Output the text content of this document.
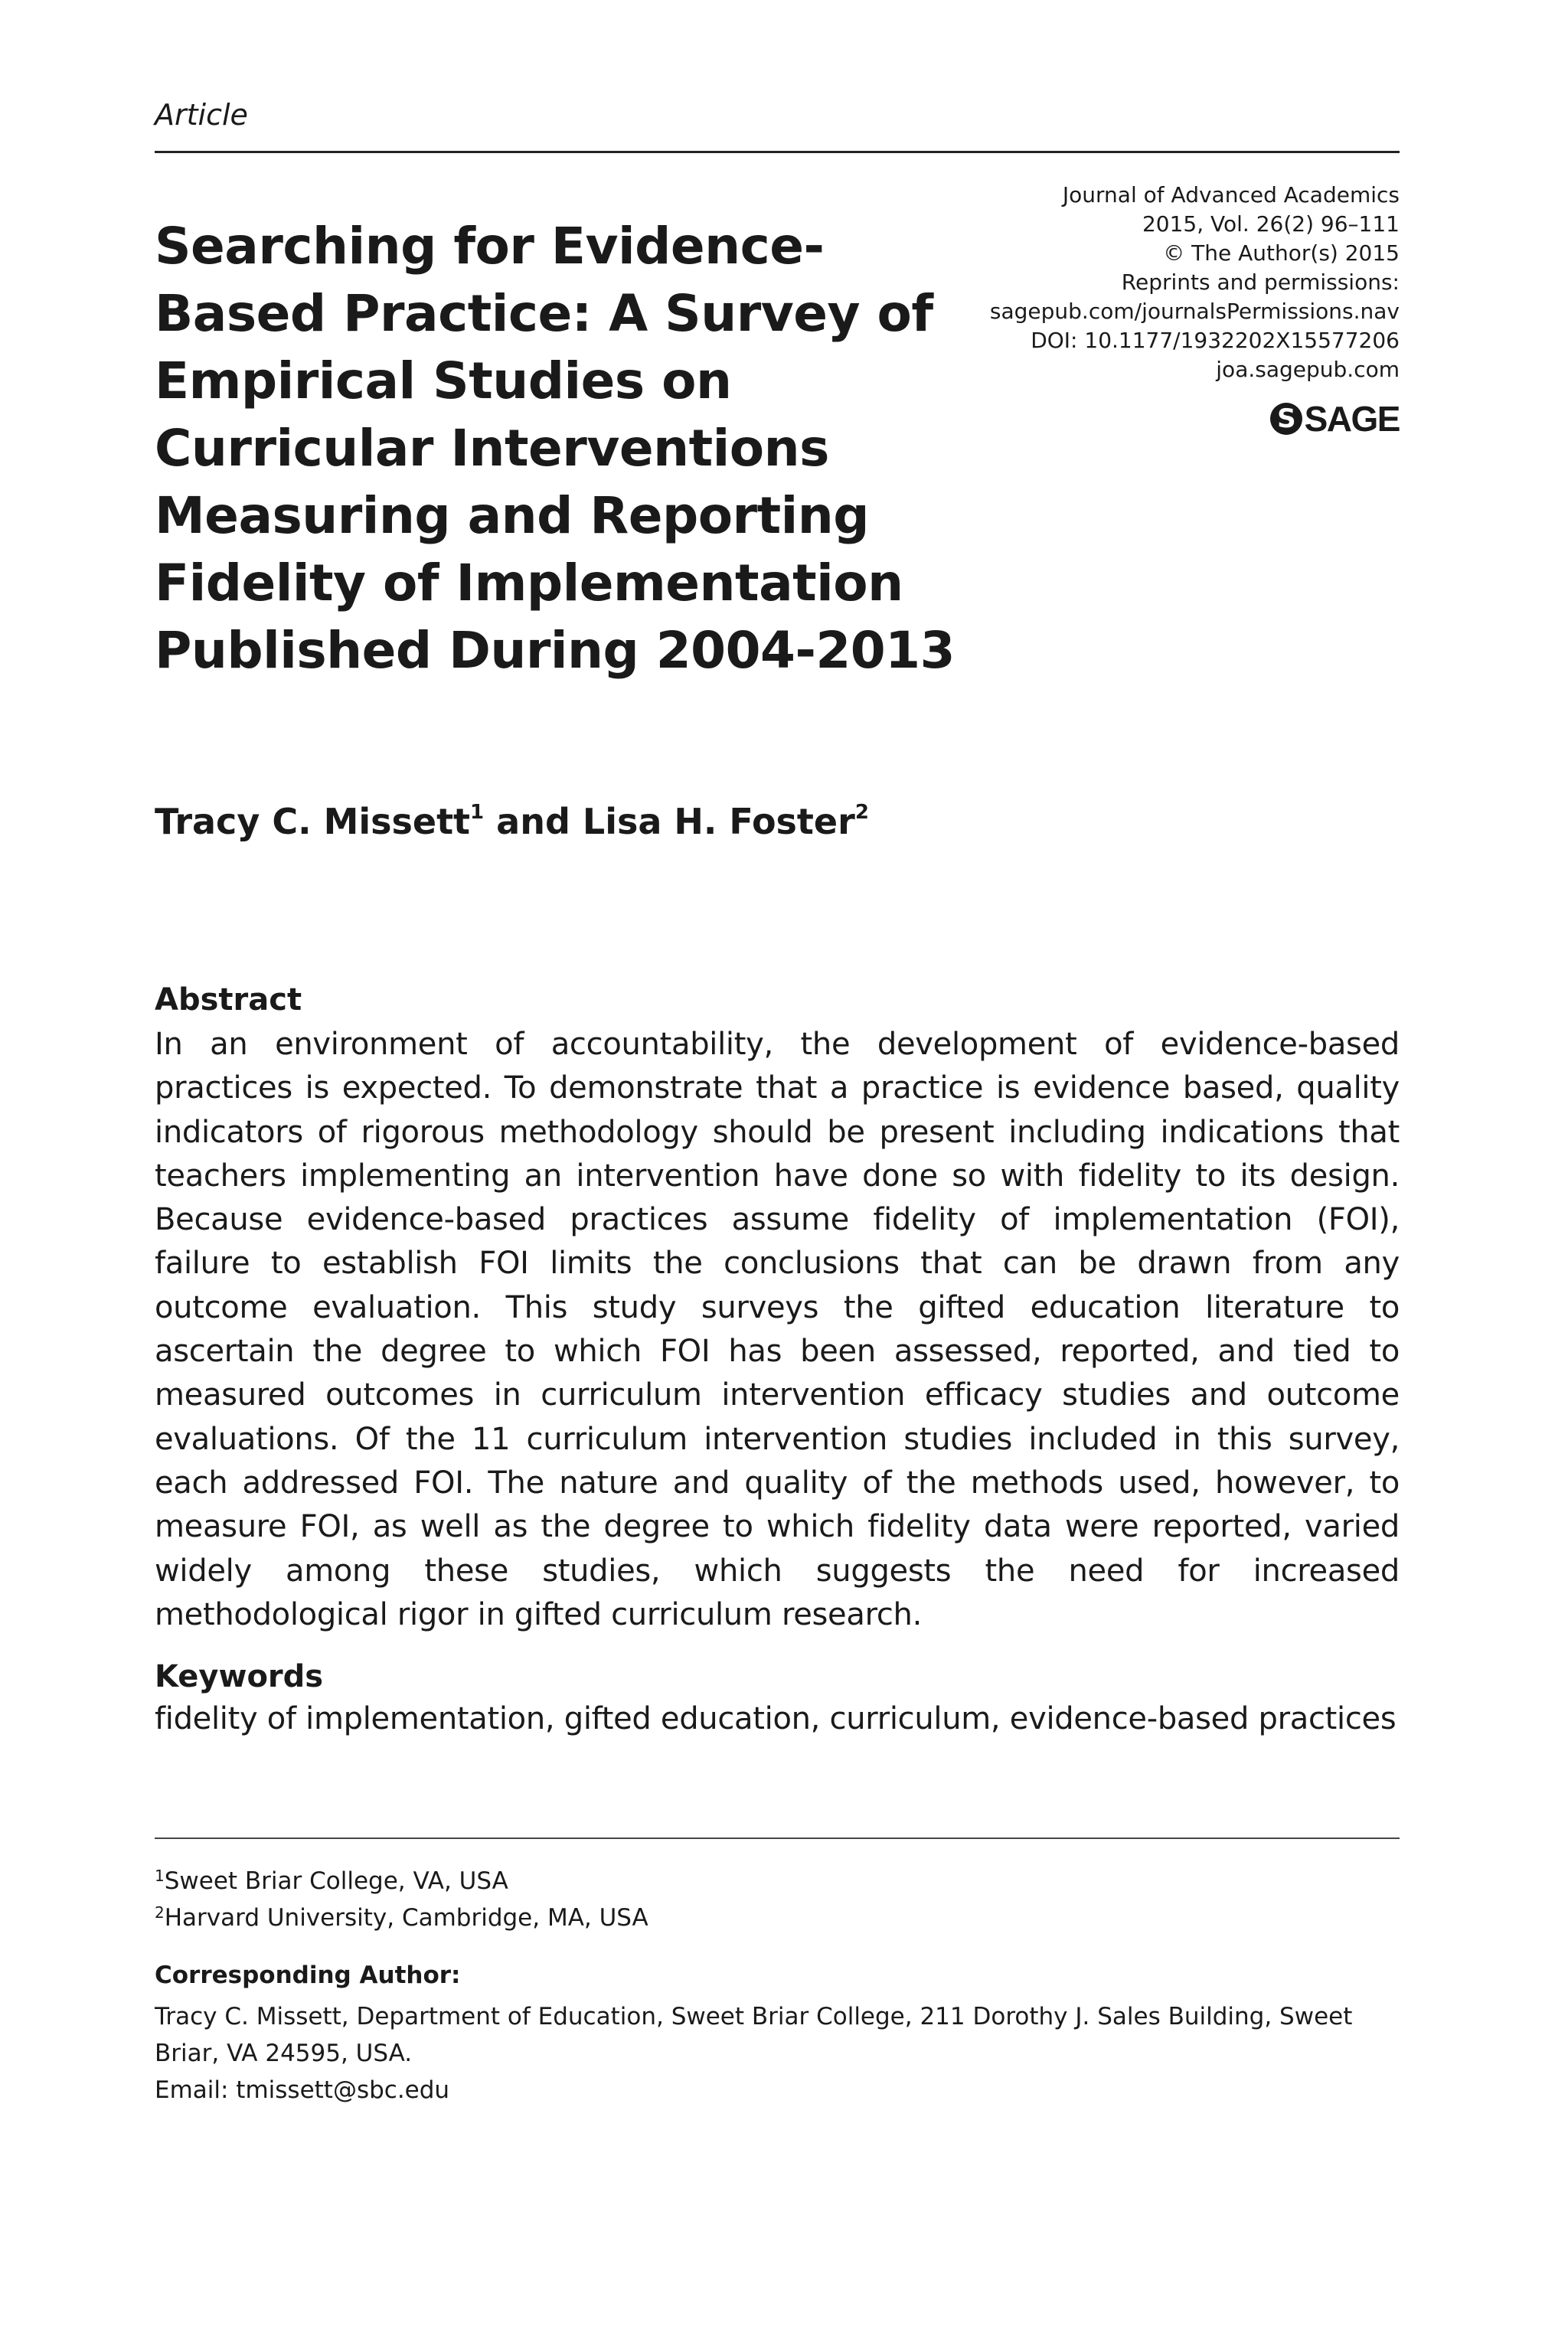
Article
Searching for Evidence-Based Practice: A Survey of Empirical Studies on Curricular Interventions Measuring and Reporting Fidelity of Implementation Published During 2004-2013
Journal of Advanced Academics
2015, Vol. 26(2) 96–111
© The Author(s) 2015
Reprints and permissions:
sagepub.com/journalsPermissions.nav
DOI: 10.1177/1932202X15577206
joa.sagepub.com
S SAGE
Tracy C. Missett$^1$ and Lisa H. Foster$^2$
Abstract

In an environment of accountability, the development of evidence-based practices is expected. To demonstrate that a practice is evidence based, quality indicators of rigorous methodology should be present including indications that teachers implementing an intervention have done so with fidelity to its design. Because evidence-based practices assume fidelity of implementation (FOI), failure to establish FOI limits the conclusions that can be drawn from any outcome evaluation. This study surveys the gifted education literature to ascertain the degree to which FOI has been assessed, reported, and tied to measured outcomes in curriculum intervention efficacy studies and outcome evaluations. Of the 11 curriculum intervention studies included in this survey, each addressed FOI. The nature and quality of the methods used, however, to measure FOI, as well as the degree to which fidelity data were reported, varied widely among these studies, which suggests the need for increased methodological rigor in gifted curriculum research.

Keywords
fidelity of implementation, gifted education, curriculum, evidence-based practices
$^1$Sweet Briar College, VA, USA
$^2$Harvard University, Cambridge, MA, USA
Corresponding Author:
Tracy C. Missett, Department of Education, Sweet Briar College, 211 Dorothy J. Sales Building, Sweet Briar, VA 24595, USA.
Email: tmissett@sbc.edu
